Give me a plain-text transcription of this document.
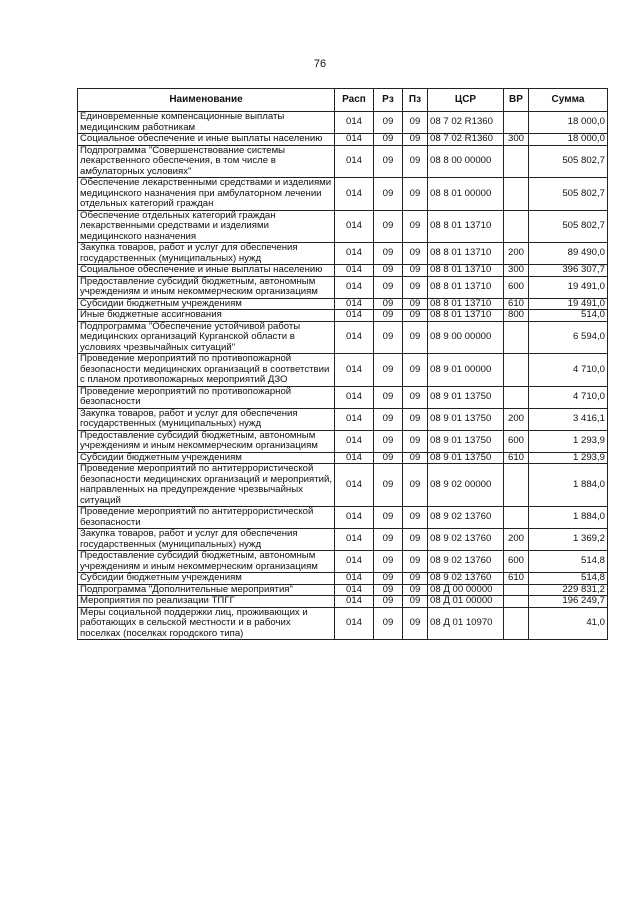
76
Наименование	Расп	Рз	Пз	ЦСР	ВР	Сумма
Единовременные компенсационные выплаты медицинским работникам	014	09	09	08 7 02 R1360		18 000,0
Социальное обеспечение и иные выплаты населению	014	09	09	08 7 02 R1360	300	18 000,0
Подпрограмма "Совершенствование системы лекарственного обеспечения, в том числе в амбулаторных условиях"	014	09	09	08 8 00 00000		505 802,7
Обеспечение лекарственными средствами и изделиями медицинского назначения при амбулаторном лечении отдельных категорий граждан	014	09	09	08 8 01 00000		505 802,7
Обеспечение отдельных категорий граждан лекарственными средствами и изделиями медицинского назначения	014	09	09	08 8 01 13710		505 802,7
Закупка товаров, работ и услуг для обеспечения государственных (муниципальных) нужд	014	09	09	08 8 01 13710	200	89 490,0
Социальное обеспечение и иные выплаты населению	014	09	09	08 8 01 13710	300	396 307,7
Предоставление субсидий бюджетным, автономным учреждениям и иным некоммерческим организациям	014	09	09	08 8 01 13710	600	19 491,0
Субсидии бюджетным учреждениям	014	09	09	08 8 01 13710	610	19 491,0
Иные бюджетные ассигнования	014	09	09	08 8 01 13710	800	514,0
Подпрограмма "Обеспечение устойчивой работы медицинских организаций Курганской области в условиях чрезвычайных ситуаций"	014	09	09	08 9 00 00000		6 594,0
Проведение мероприятий по противопожарной безопасности медицинских организаций в соответствии с планом противопожарных мероприятий ДЗО	014	09	09	08 9 01 00000		4 710,0
Проведение мероприятий по противопожарной безопасности	014	09	09	08 9 01 13750		4 710,0
Закупка товаров, работ и услуг для обеспечения государственных (муниципальных) нужд	014	09	09	08 9 01 13750	200	3 416,1
Предоставление субсидий бюджетным, автономным учреждениям и иным некоммерческим организациям	014	09	09	08 9 01 13750	600	1 293,9
Субсидии бюджетным учреждениям	014	09	09	08 9 01 13750	610	1 293,9
Проведение мероприятий по антитеррористической безопасности медицинских организаций и мероприятий, направленных на предупреждение чрезвычайных ситуаций	014	09	09	08 9 02 00000		1 884,0
Проведение мероприятий по антитеррористической безопасности	014	09	09	08 9 02 13760		1 884,0
Закупка товаров, работ и услуг для обеспечения государственных (муниципальных) нужд	014	09	09	08 9 02 13760	200	1 369,2
Предоставление субсидий бюджетным, автономным учреждениям и иным некоммерческим организациям	014	09	09	08 9 02 13760	600	514,8
Субсидии бюджетным учреждениям	014	09	09	08 9 02 13760	610	514,8
Подпрограмма "Дополнительные мероприятия"	014	09	09	08 Д 00 00000		229 831,2
Мероприятия по реализации ТПГГ	014	09	09	08 Д 01 00000		196 249,7
Меры социальной поддержки лиц, проживающих и работающих в сельской местности и в рабочих поселках (поселках городского типа)	014	09	09	08 Д 01 10970		41,0
